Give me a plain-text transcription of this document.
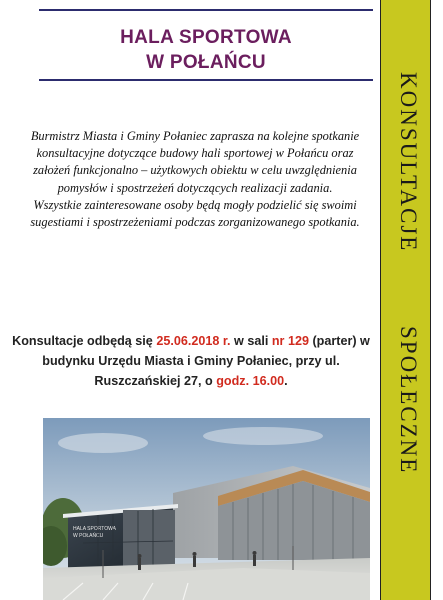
HALA SPORTOWA
W POŁAŃCU
Burmistrz Miasta i Gminy Połaniec zaprasza na kolejne spotkanie konsultacyjne dotyczące budowy hali sportowej w Połańcu oraz założeń funkcjonalno – użytkowych obiektu w celu uwzględnienia pomysłów i spostrzeżeń dotyczących realizacji zadania.
Wszystkie zainteresowane osoby będą mogły podzielić się swoimi sugestiami i spostrzeżeniami podczas zorganizowanego spotkania.
Konsultacje odbędą się 25.06.2018 r. w sali nr 129 (parter) w budynku Urzędu Miasta i Gminy Połaniec, przy ul. Ruszczańskiej 27, o godz. 16.00.
HALA SPORTOWA
W POŁAŃCU
KONSULTACJE
SPOŁECZNE
